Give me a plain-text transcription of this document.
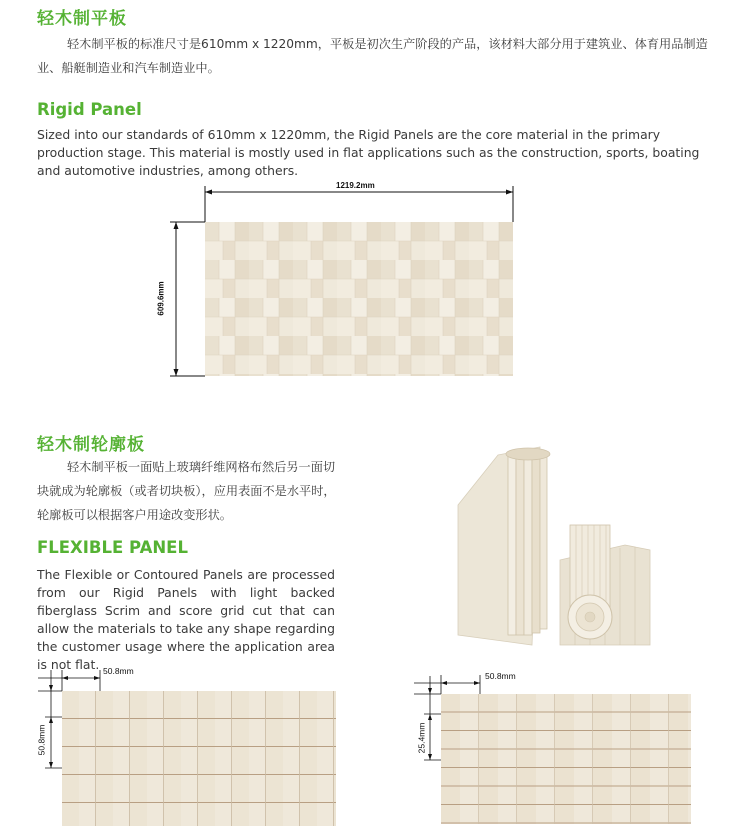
轻木制平板

轻木制平板的标准尺寸是610mm x 1220mm，平板是初次生产阶段的产品，该材料大部分用于建筑业、体育用品制造业、船艇制造业和汽车制造业中。

Rigid Panel

Sized into our standards of 610mm x 1220mm, the Rigid Panels are the core material in the primary production stage. This material is mostly used in flat applications such as the construction, sports, boating and automotive industries, among others.

1219.2mm
609.6mm
轻木制轮廓板

轻木制平板一面贴上玻璃纤维网格布然后另一面切块就成为轮廓板（或者切块板），应用表面不是水平时，轮廓板可以根据客户用途改变形状。

FLEXIBLE PANEL

The Flexible or Contoured Panels are processed from our Rigid Panels with light backed fiberglass Scrim and score grid cut that can allow the materials to take any shape regarding the customer usage where the application area is not flat. 50.8mm
50.8mm
50.8mm
25.4mm
